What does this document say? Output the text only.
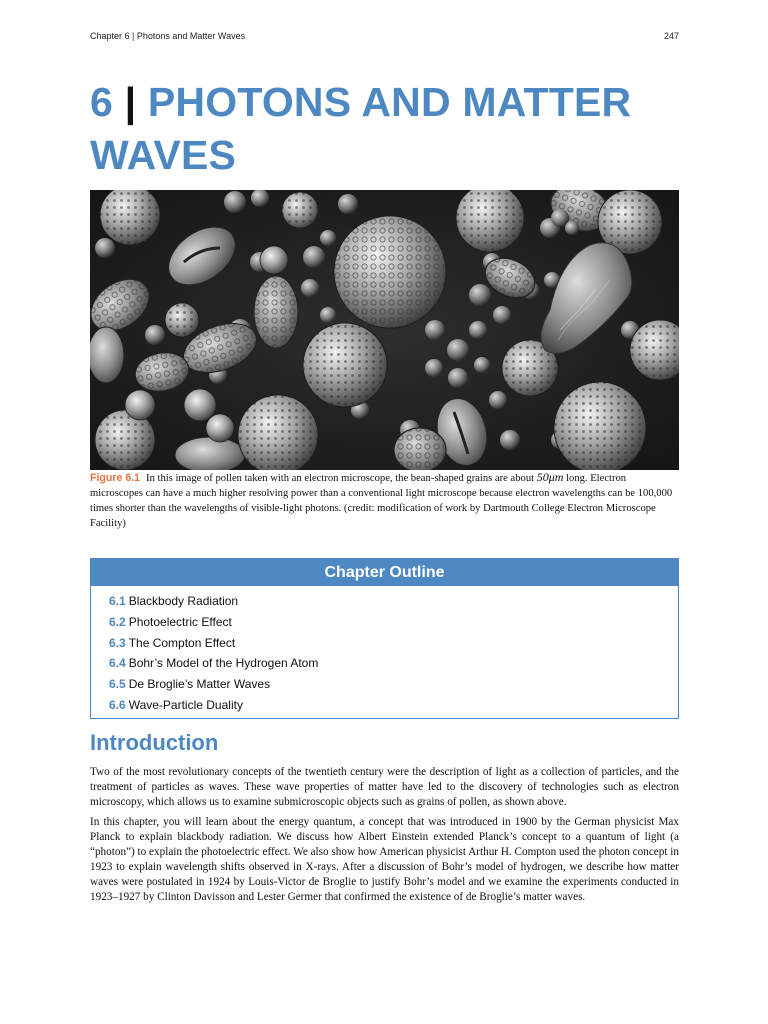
Chapter 6 | Photons and Matter Waves	247
6 | PHOTONS AND MATTER
WAVES

Figure 6.1 In this image of pollen taken with an electron microscope, the bean-shaped grains are about 50μm long. Electron microscopes can have a much higher resolving power than a conventional light microscope because electron wavelengths can be 100,000 times shorter than the wavelengths of visible-light photons. (credit: modification of work by Dartmouth College Electron Microscope Facility)

Chapter Outline
6.1 Blackbody Radiation
6.2 Photoelectric Effect
6.3 The Compton Effect
6.4 Bohr’s Model of the Hydrogen Atom
6.5 De Broglie’s Matter Waves
6.6 Wave-Particle Duality
Introduction

Two of the most revolutionary concepts of the twentieth century were the description of light as a collection of particles, and the treatment of particles as waves. These wave properties of matter have led to the discovery of technologies such as electron microscopy, which allows us to examine submicroscopic objects such as grains of pollen, as shown above.

In this chapter, you will learn about the energy quantum, a concept that was introduced in 1900 by the German physicist Max Planck to explain blackbody radiation. We discuss how Albert Einstein extended Planck’s concept to a quantum of light (a “photon”) to explain the photoelectric effect. We also show how American physicist Arthur H. Compton used the photon concept in 1923 to explain wavelength shifts observed in X-rays. After a discussion of Bohr’s model of hydrogen, we describe how matter waves were postulated in 1924 by Louis-Victor de Broglie to justify Bohr’s model and we examine the experiments conducted in 1923–1927 by Clinton Davisson and Lester Germer that confirmed the existence of de Broglie’s matter waves.
